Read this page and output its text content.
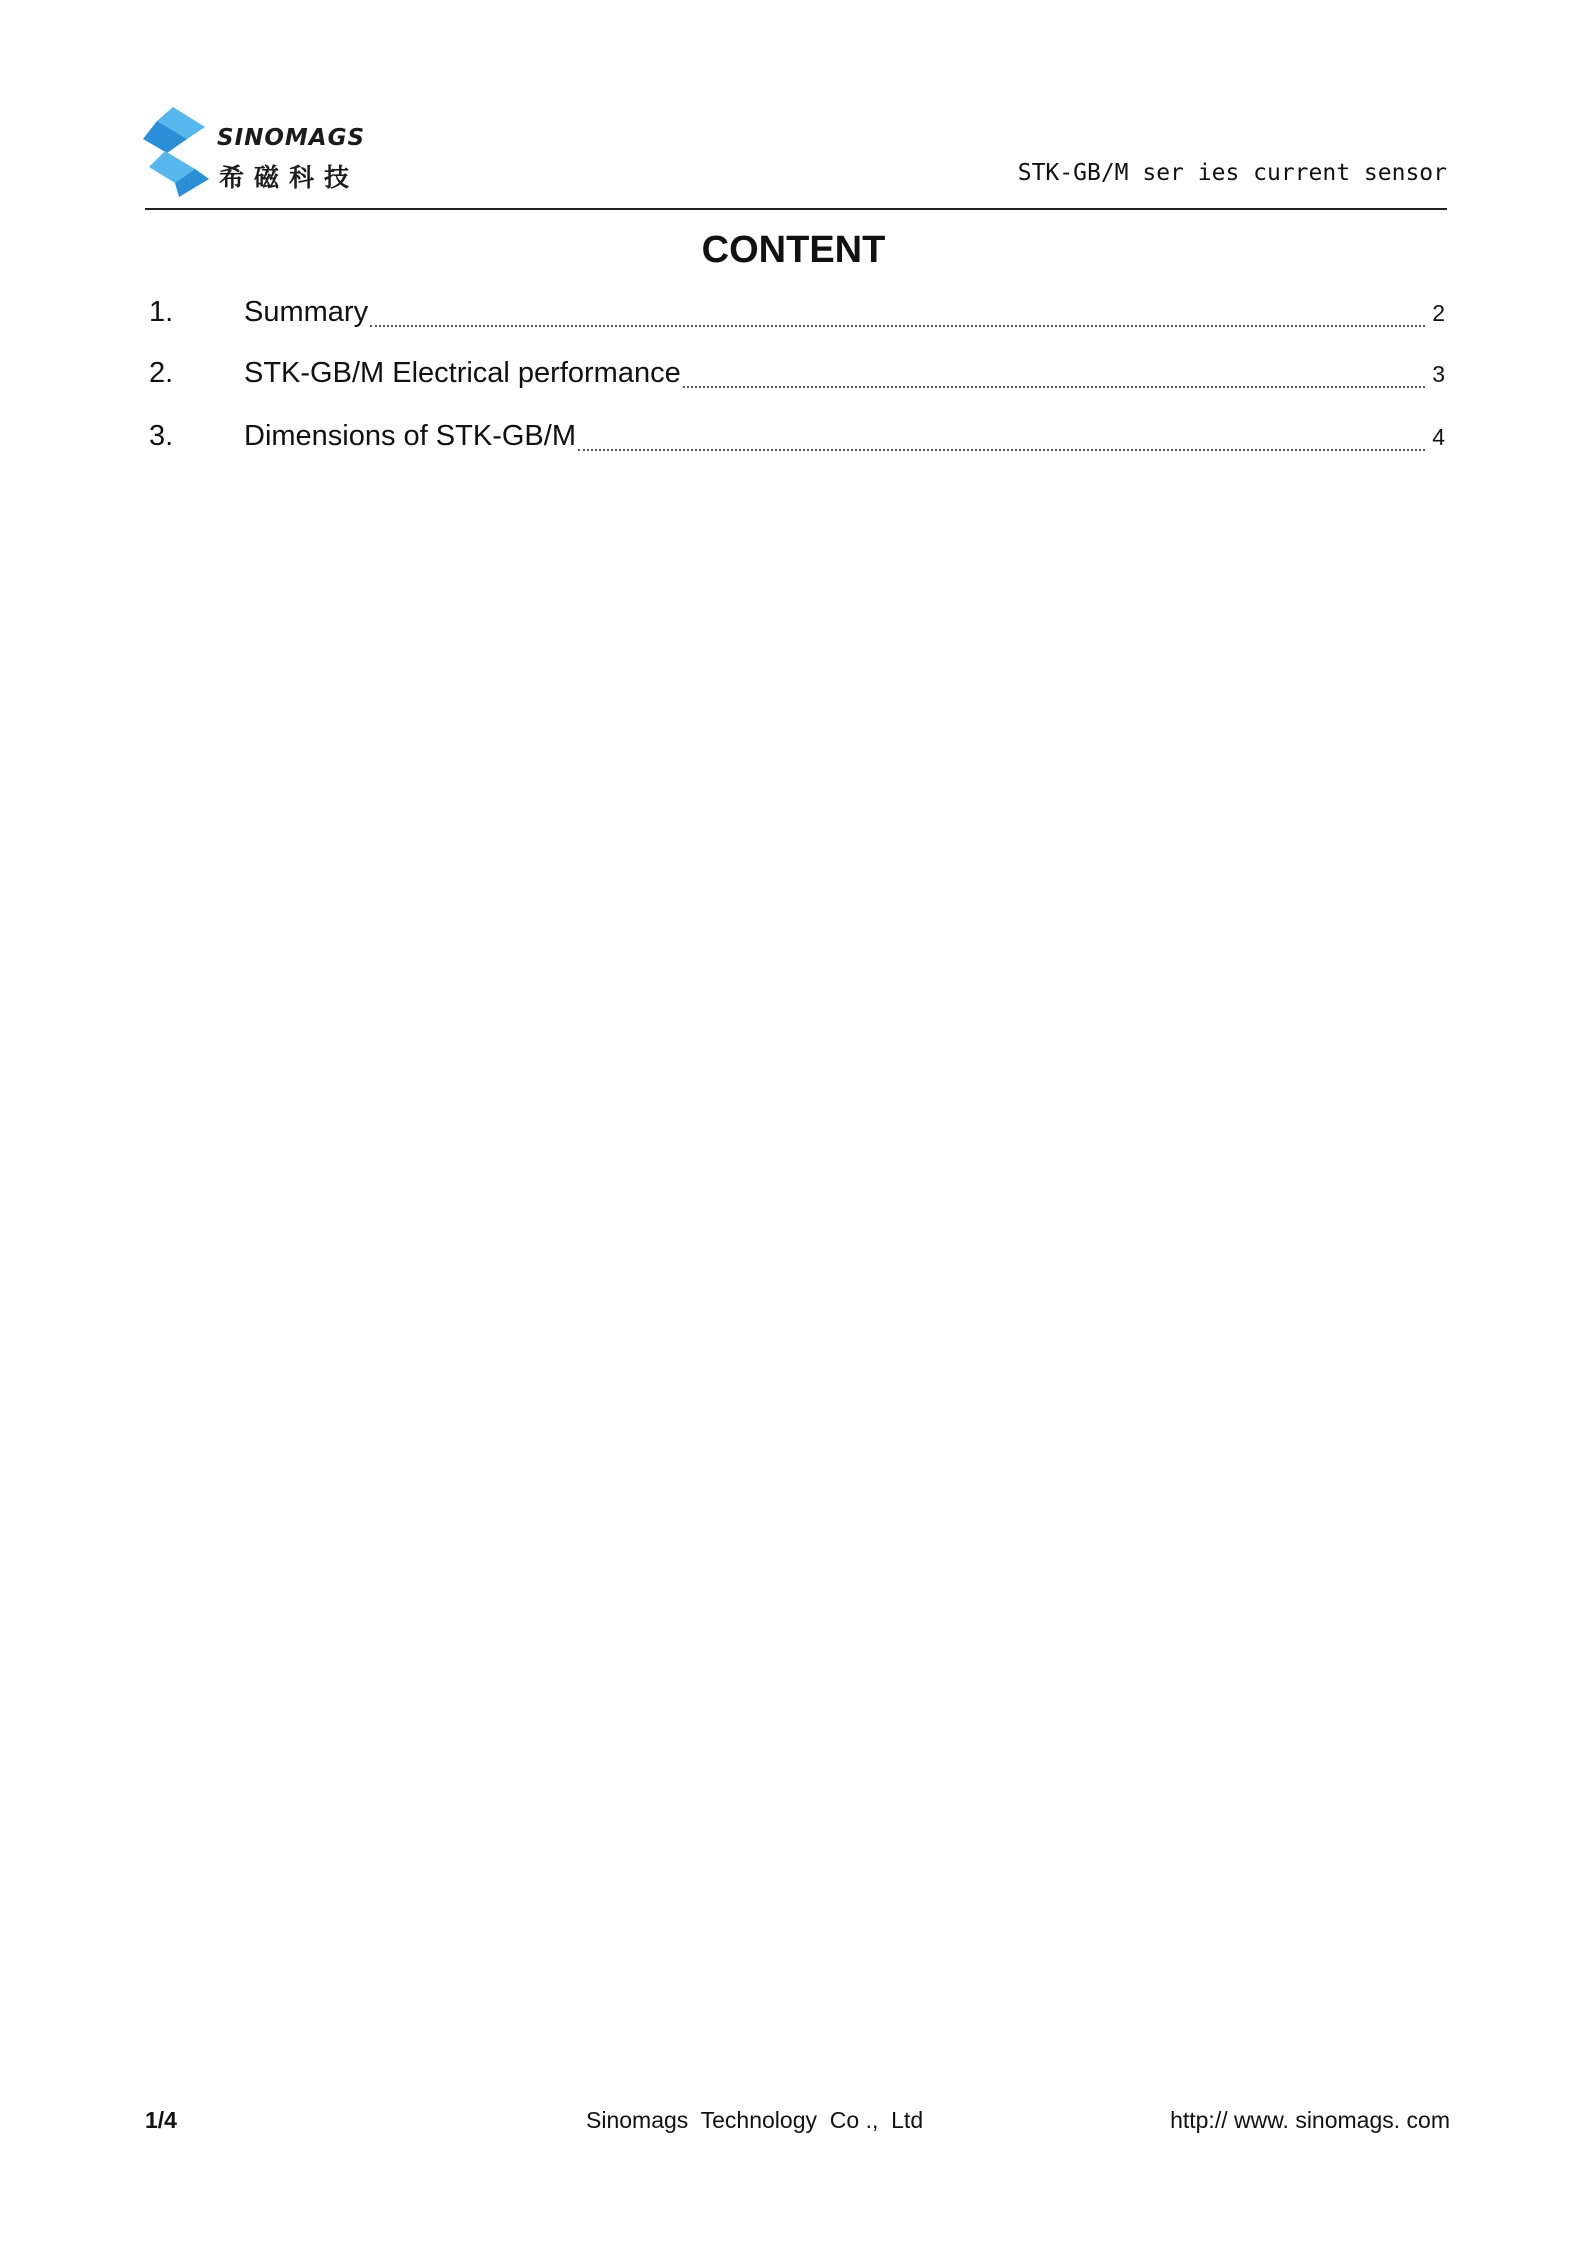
SINOMAGS
希磁科技	STK-GB/M ser ies current sensor
CONTENT
1.	Summary	2
2.	STK-GB/M Electrical performance	3
3.	Dimensions of STK-GB/M	4
1/4	Sinomags  Technology  Co .,  Ltd	http:// www. sinomags. com
